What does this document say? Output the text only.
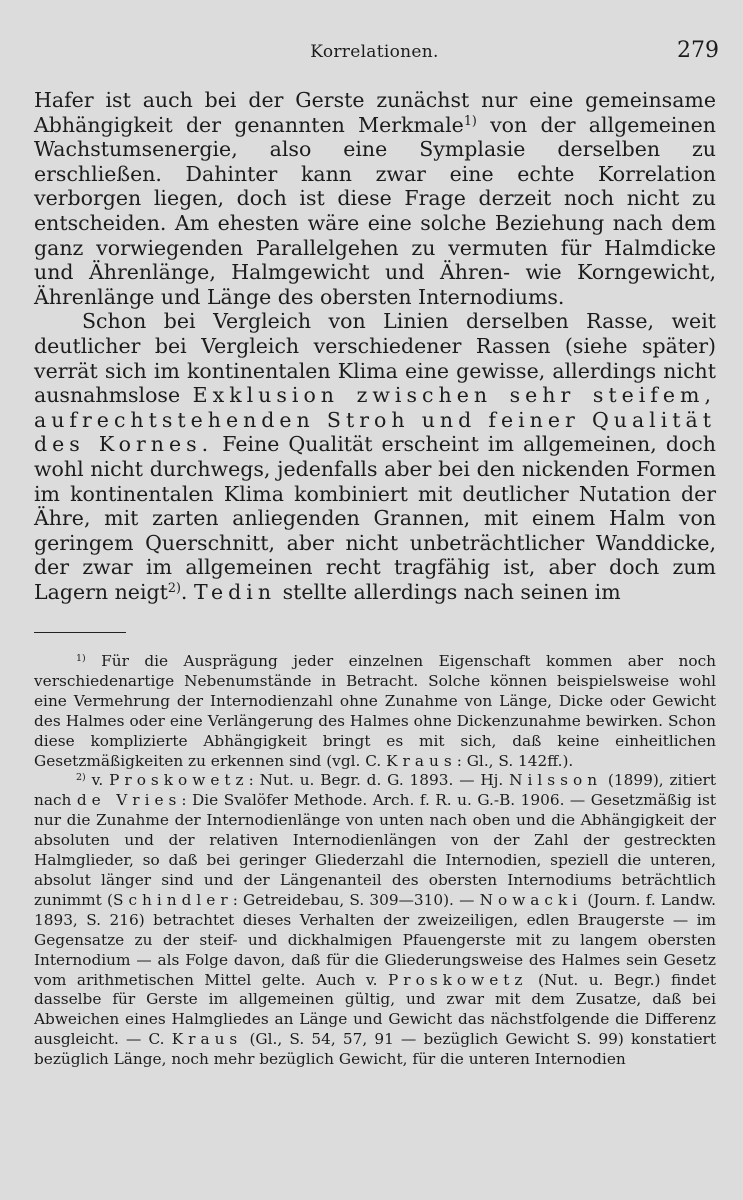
Korrelationen.	279

Hafer ist auch bei der Gerste zunächst nur eine gemeinsame Abhängigkeit der genannten Merkmale$^{1)}$ von der allgemeinen Wachstumsenergie, also eine Symplasie derselben zu erschließen. Dahinter kann zwar eine echte Korrelation verborgen liegen, doch ist diese Frage derzeit noch nicht zu entscheiden. Am ehesten wäre eine solche Beziehung nach dem ganz vorwiegenden Parallelgehen zu vermuten für Halmdicke und Ährenlänge, Halmgewicht und Ähren- wie Korngewicht, Ährenlänge und Länge des obersten Internodiums.

Schon bei Vergleich von Linien derselben Rasse, weit deutlicher bei Vergleich verschiedener Rassen (siehe später) verrät sich im kontinentalen Klima eine gewisse, allerdings nicht ausnahmslose Exklusion zwischen sehr steifem, aufrechtstehenden Stroh und feiner Qualität des Kornes. Feine Qualität erscheint im allgemeinen, doch wohl nicht durchwegs, jedenfalls aber bei den nickenden Formen im kontinentalen Klima kombiniert mit deutlicher Nutation der Ähre, mit zarten anliegenden Grannen, mit einem Halm von geringem Querschnitt, aber nicht unbeträchtlicher Wanddicke, der zwar im allgemeinen recht tragfähig ist, aber doch zum Lagern neigt$^{2)}$. Tedin stellte allerdings nach seinen im

$^{1)}$ Für die Ausprägung jeder einzelnen Eigenschaft kommen aber noch verschiedenartige Nebenumstände in Betracht. Solche können beispielsweise wohl eine Vermehrung der Internodienzahl ohne Zunahme von Länge, Dicke oder Gewicht des Halmes oder eine Verlängerung des Halmes ohne Dickenzunahme bewirken. Schon diese komplizierte Abhängigkeit bringt es mit sich, daß keine einheitlichen Gesetzmäßigkeiten zu erkennen sind (vgl. C. Kraus: Gl., S. 142ff.).

$^{2)}$ v. Proskowetz: Nut. u. Begr. d. G. 1893. — Hj. Nilsson (1899), zitiert nach de Vries: Die Svalöfer Methode. Arch. f. R. u. G.-B. 1906. — Gesetzmäßig ist nur die Zunahme der Internodienlänge von unten nach oben und die Abhängigkeit der absoluten und der relativen Internodienlängen von der Zahl der gestreckten Halmglieder, so daß bei geringer Gliederzahl die Internodien, speziell die unteren, absolut länger sind und der Längenanteil des obersten Internodiums beträchtlich zunimmt (Schindler: Getreidebau, S. 309—310). — Nowacki (Journ. f. Landw. 1893, S. 216) betrachtet dieses Verhalten der zweizeiligen, edlen Braugerste — im Gegensatze zu der steif- und dickhalmigen Pfauengerste mit zu langem obersten Internodium — als Folge davon, daß für die Gliederungsweise des Halmes sein Gesetz vom arithmetischen Mittel gelte. Auch v. Proskowetz (Nut. u. Begr.) findet dasselbe für Gerste im allgemeinen gültig, und zwar mit dem Zusatze, daß bei Abweichen eines Halmgliedes an Länge und Gewicht das nächstfolgende die Differenz ausgleicht. — C. Kraus (Gl., S. 54, 57, 91 — bezüglich Gewicht S. 99) konstatiert bezüglich Länge, noch mehr bezüglich Gewicht, für die unteren Internodien
